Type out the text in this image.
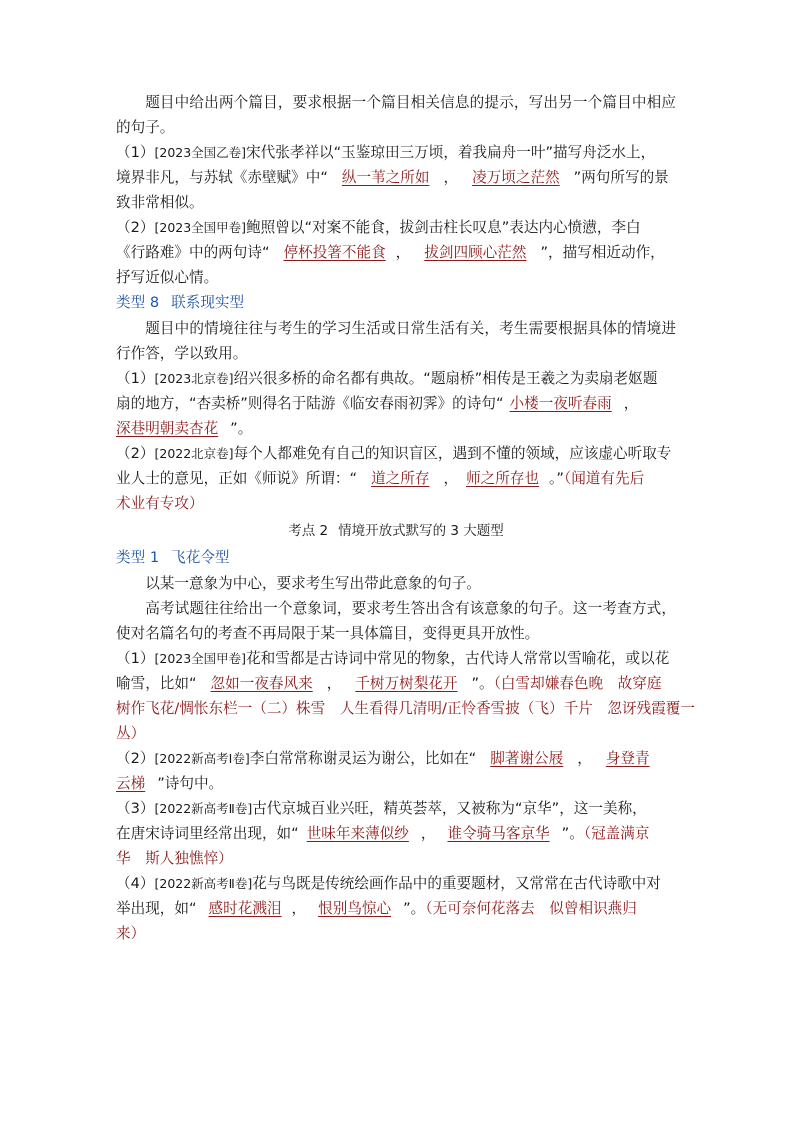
题目中给出两个篇目，要求根据一个篇目相关信息的提示，写出另一个篇目中相应的句子。

（1）[2023全国乙卷]宋代张孝祥以“玉鉴琼田三万顷，着我扁舟一叶”描写舟泛水上，
境界非凡，与苏轼《赤壁赋》中“ 纵一苇之所如 ， 凌万顷之茫然 ”两句所写的景
致非常相似。

（2）[2023全国甲卷]鲍照曾以“对案不能食，拔剑击柱长叹息”表达内心愤懑，李白
《行路难》中的两句诗“ 停杯投箸不能食 ， 拔剑四顾心茫然 ”，描写相近动作，
抒写近似心情。

类型 8 联系现实型

题目中的情境往往与考生的学习生活或日常生活有关，考生需要根据具体的情境进行作答，学以致用。

（1）[2023北京卷]绍兴很多桥的命名都有典故。“题扇桥”相传是王羲之为卖扇老妪题
扇的地方，“杏卖桥”则得名于陆游《临安春雨初霁》的诗句“ 小楼一夜听春雨 ，
深巷明朝卖杏花 ”。

（2）[2022北京卷]每个人都难免有自己的知识盲区，遇到不懂的领域，应该虚心听取专
业人士的意见，正如《师说》所谓：“ 道之所存 ， 师之所存也 。”（闻道有先后
术业有专攻）

考点 2 情境开放式默写的 3 大题型
类型 1 飞花令型

以某一意象为中心，要求考生写出带此意象的句子。

高考试题往往给出一个意象词，要求考生答出含有该意象的句子。这一考查方式，使对名篇名句的考查不再局限于某一具体篇目，变得更具开放性。

（1）[2023全国甲卷]花和雪都是古诗词中常见的物象，古代诗人常常以雪喻花，或以花
喻雪，比如“ 忽如一夜春风来 ， 千树万树梨花开 ”。（白雪却嫌春色晚　故穿庭
树作飞花/惆怅东栏一（二）株雪　人生看得几清明/正怜香雪披（飞）千片　忽讶残霞覆一
丛）

（2）[2022新高考Ⅰ卷]李白常常称谢灵运为谢公，比如在“ 脚著谢公屐 ， 身登青
云梯 ”诗句中。

（3）[2022新高考Ⅱ卷]古代京城百业兴旺，精英荟萃，又被称为“京华”，这一美称，
在唐宋诗词里经常出现，如“ 世味年来薄似纱 ， 谁令骑马客京华 ”。（冠盖满京
华　斯人独憔悴）

（4）[2022新高考Ⅱ卷]花与鸟既是传统绘画作品中的重要题材，又常常在古代诗歌中对
举出现，如“ 感时花溅泪 ， 恨别鸟惊心 ”。（无可奈何花落去　似曾相识燕归
来）
